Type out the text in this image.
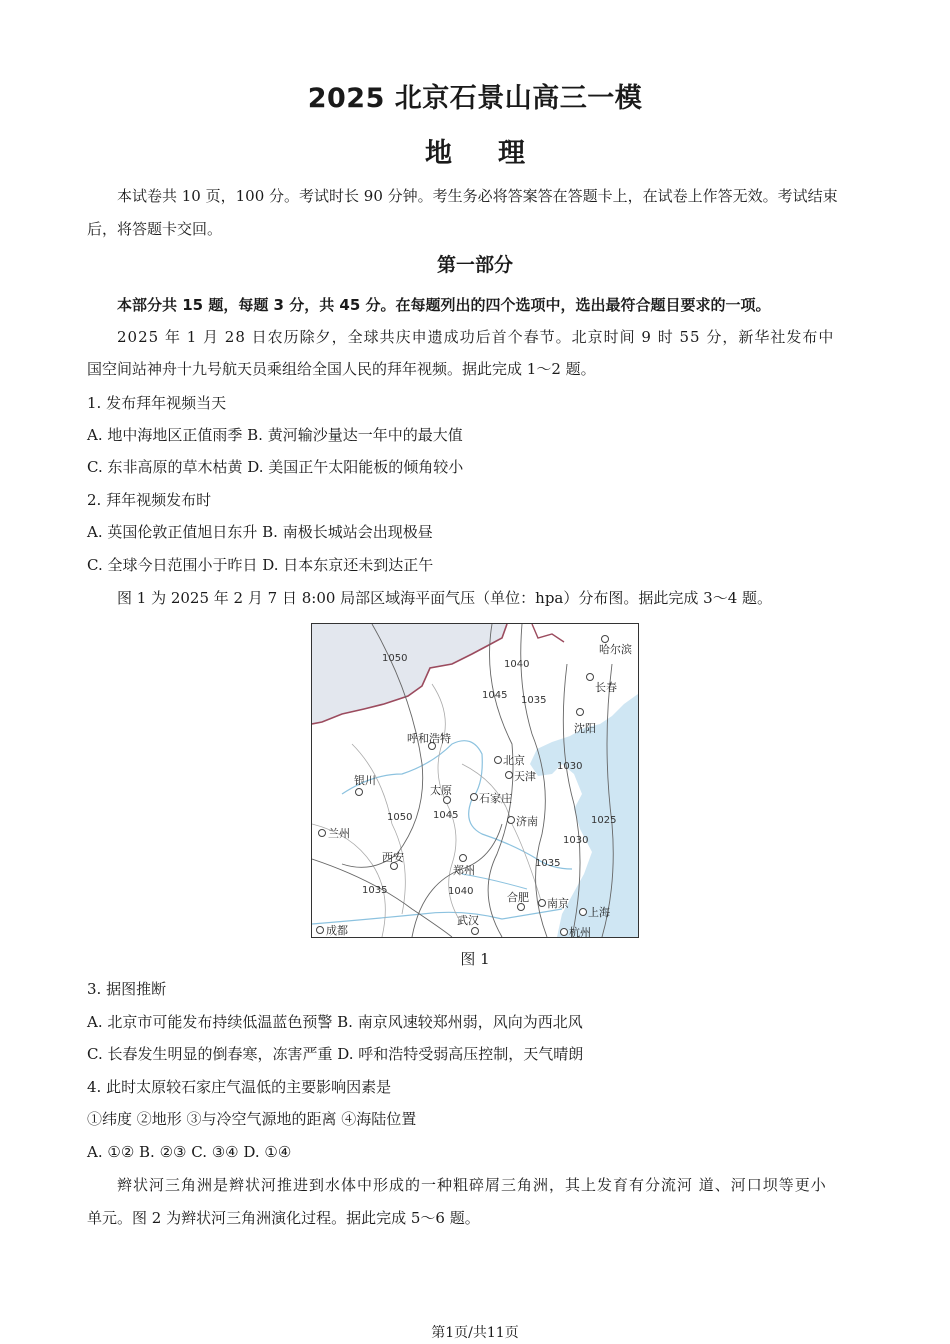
2025 北京石景山高三一模
地理
本试卷共 10 页，100 分。考试时长 90 分钟。考生务必将答案答在答题卡上，在试卷上作答无效。考试结束后，将答题卡交回。
第一部分
本部分共 15 题，每题 3 分，共 45 分。在每题列出的四个选项中，选出最符合题目要求的一项。
2025 年 1 月 28 日农历除夕，全球共庆申遗成功后首个春节。北京时间 9 时 55 分，新华社发布中
国空间站神舟十九号航天员乘组给全国人民的拜年视频。据此完成 1～2 题。
1. 发布拜年视频当天
A. 地中海地区正值雨季 B. 黄河输沙量达一年中的最大值
C. 东非高原的草木枯黄 D. 美国正午太阳能板的倾角较小
2. 拜年视频发布时
A. 英国伦敦正值旭日东升 B. 南极长城站会出现极昼
C. 全球今日范围小于昨日 D. 日本东京还未到达正午
图 1 为 2025 年 2 月 7 日 8:00 局部区域海平面气压（单位：hpa）分布图。据此完成 3～4 题。
1050
1040
1045 1035
1030
1050 1045	1025
1030
1035
1035	1040
哈尔滨
长春
沈阳
呼和浩特
北京
天津
银川
太原
石家庄
济南
兰州
西安
郑州
合肥 南京
上海
武汉
杭州
成都
图 1
3. 据图推断
A. 北京市可能发布持续低温蓝色预警 B. 南京风速较郑州弱，风向为西北风
C. 长春发生明显的倒春寒，冻害严重 D. 呼和浩特受弱高压控制，天气晴朗
4. 此时太原较石家庄气温低的主要影响因素是
①纬度 ②地形 ③与冷空气源地的距离 ④海陆位置
A. ①② B. ②③ C. ③④ D. ①④
辫状河三角洲是辫状河推进到水体中形成的一种粗碎屑三角洲，其上发育有分流河 道、河口坝等更小
单元。图 2 为辫状河三角洲演化过程。据此完成 5～6 题。
第1页/共11页
